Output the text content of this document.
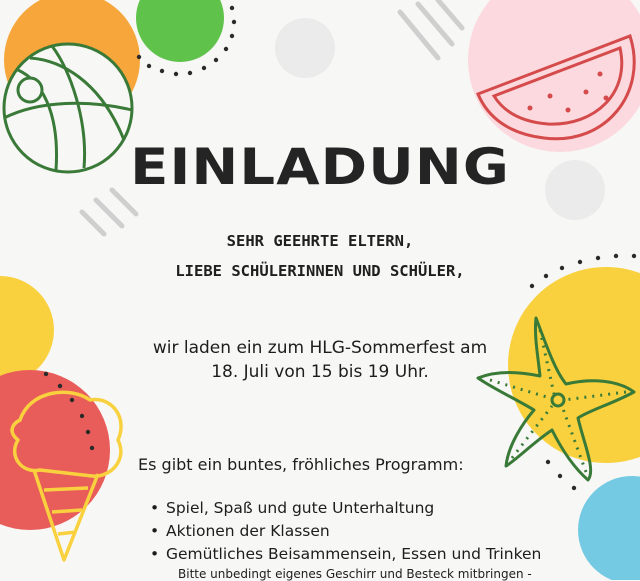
EINLADUNG
SEHR GEEHRTE ELTERN,
LIEBE SCHÜLERINNEN UND SCHÜLER,
wir laden ein zum HLG-Sommerfest am
18. Juli von 15 bis 19 Uhr.
Es gibt ein buntes, fröhliches Programm:
• Spiel, Spaß und gute Unterhaltung
• Aktionen der Klassen
• Gemütliches Beisammensein, Essen und Trinken
Bitte unbedingt eigenes Geschirr und Besteck mitbringen -
